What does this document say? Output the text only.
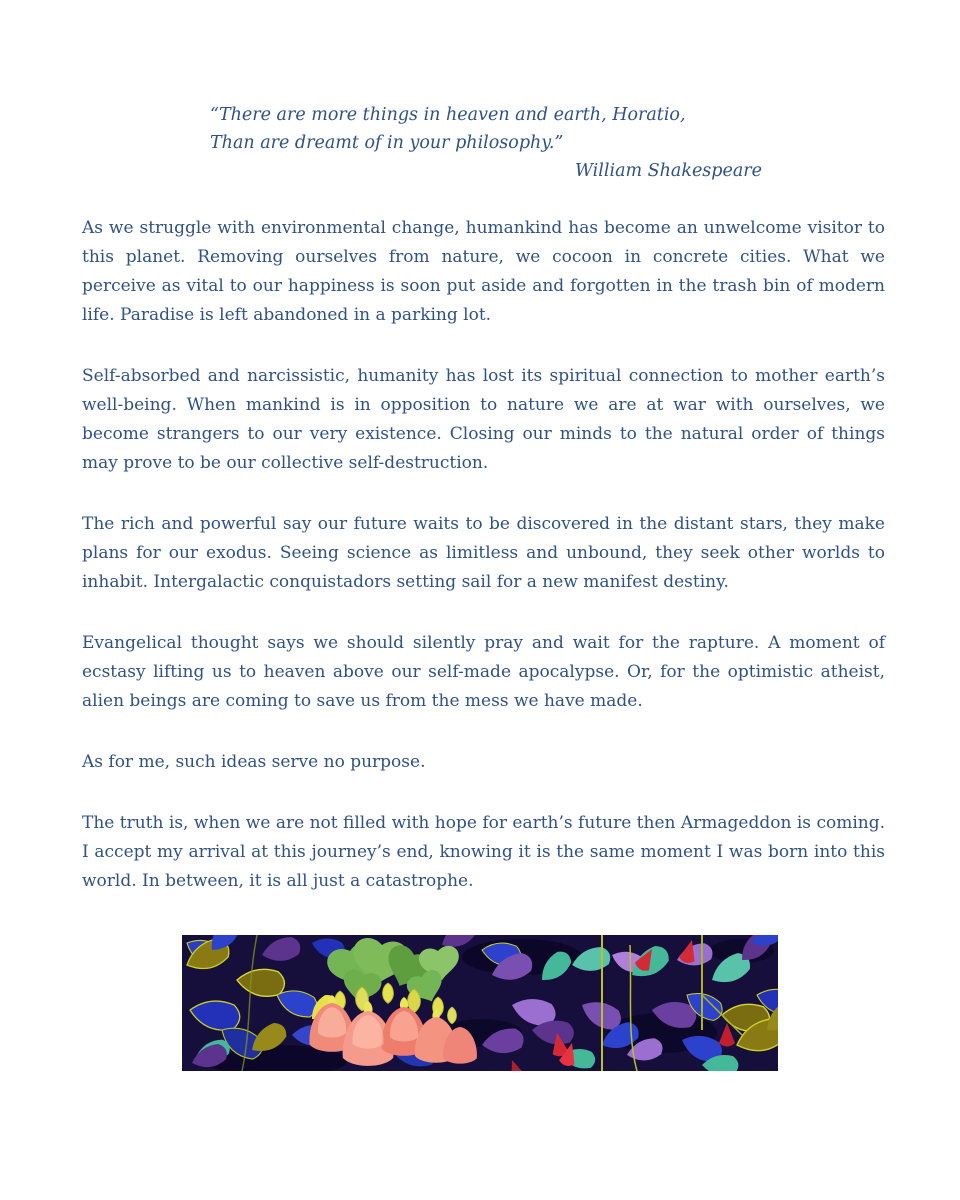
“There are more things in heaven and earth, Horatio,
Than are dreamt of in your philosophy.”
William Shakespeare

As we struggle with environmental change, humankind has become an unwelcome visitor to this planet. Removing ourselves from nature, we cocoon in concrete cities. What we perceive as vital to our happiness is soon put aside and forgotten in the trash bin of modern life. Paradise is left abandoned in a parking lot.

Self-absorbed and narcissistic, humanity has lost its spiritual connection to mother earth’s well-being. When mankind is in opposition to nature we are at war with ourselves, we become strangers to our very existence. Closing our minds to the natural order of things may prove to be our collective self-destruction.

The rich and powerful say our future waits to be discovered in the distant stars, they make plans for our exodus. Seeing science as limitless and unbound, they seek other worlds to inhabit. Intergalactic conquistadors setting sail for a new manifest destiny.

Evangelical thought says we should silently pray and wait for the rapture. A moment of ecstasy lifting us to heaven above our self-made apocalypse. Or, for the optimistic atheist, alien beings are coming to save us from the mess we have made.

As for me, such ideas serve no purpose.

The truth is, when we are not filled with hope for earth’s future then Armageddon is coming. I accept my arrival at this journey’s end, knowing it is the same moment I was born into this world. In between, it is all just a catastrophe.
